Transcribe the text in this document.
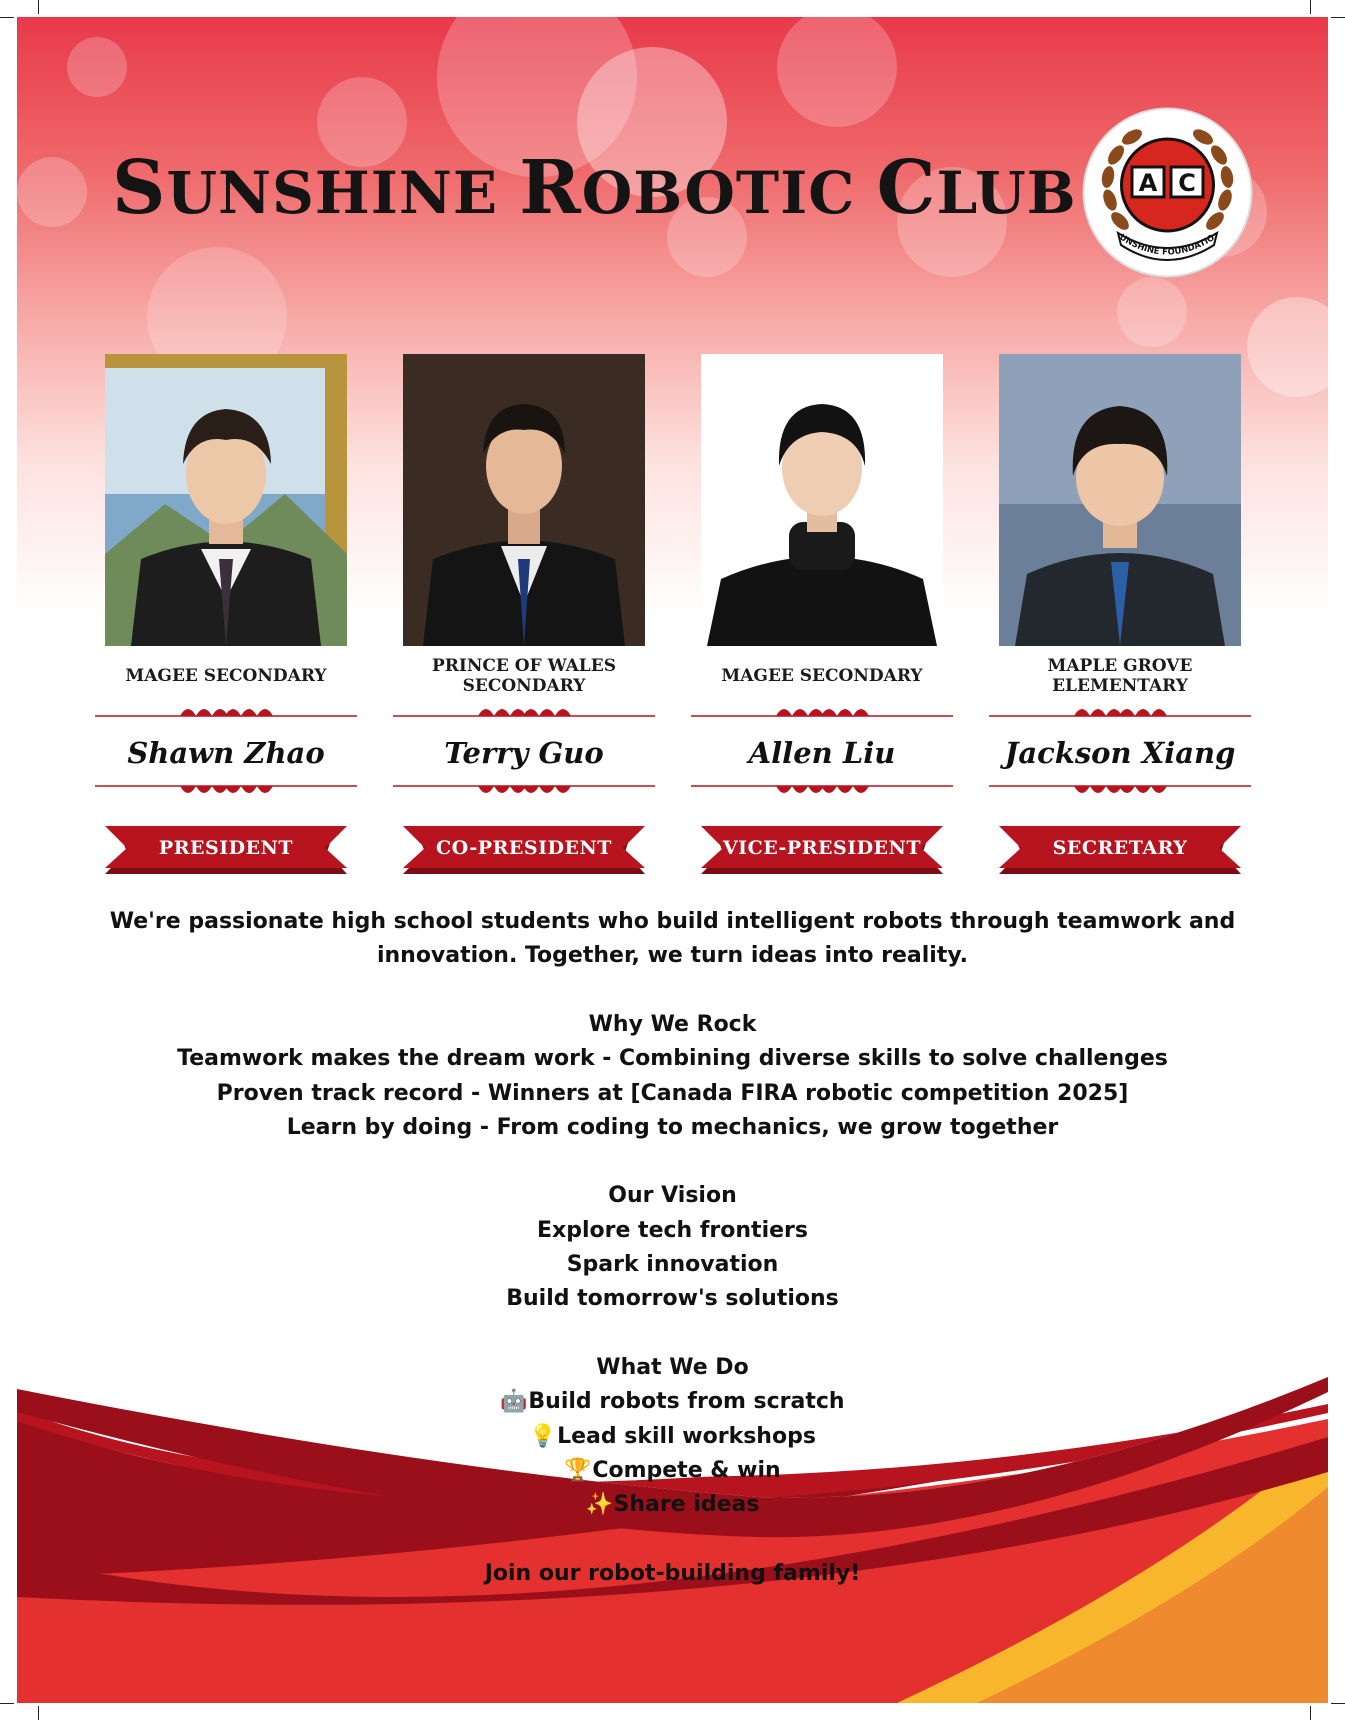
SUNSHINE ROBOTIC CLUB	A C
UNSHINE FOUNDATIO
MAGEE SECONDARY
Shawn Zhao
PRESIDENT
PRINCE OF WALES SECONDARY
Terry Guo
CO-PRESIDENT
MAGEE SECONDARY
Allen Liu
VICE-PRESIDENT
MAPLE GROVE ELEMENTARY
Jackson Xiang
SECRETARY
We're passionate high school students who build intelligent robots through teamwork and
innovation. Together, we turn ideas into reality.
Why We Rock
Teamwork makes the dream work - Combining diverse skills to solve challenges
Proven track record - Winners at [Canada FIRA robotic competition 2025]
Learn by doing - From coding to mechanics, we grow together
Our Vision
Explore tech frontiers
Spark innovation
Build tomorrow's solutions
What We Do
🤖Build robots from scratch
💡Lead skill workshops
🏆Compete & win
✨Share ideas
Join our robot-building family!
